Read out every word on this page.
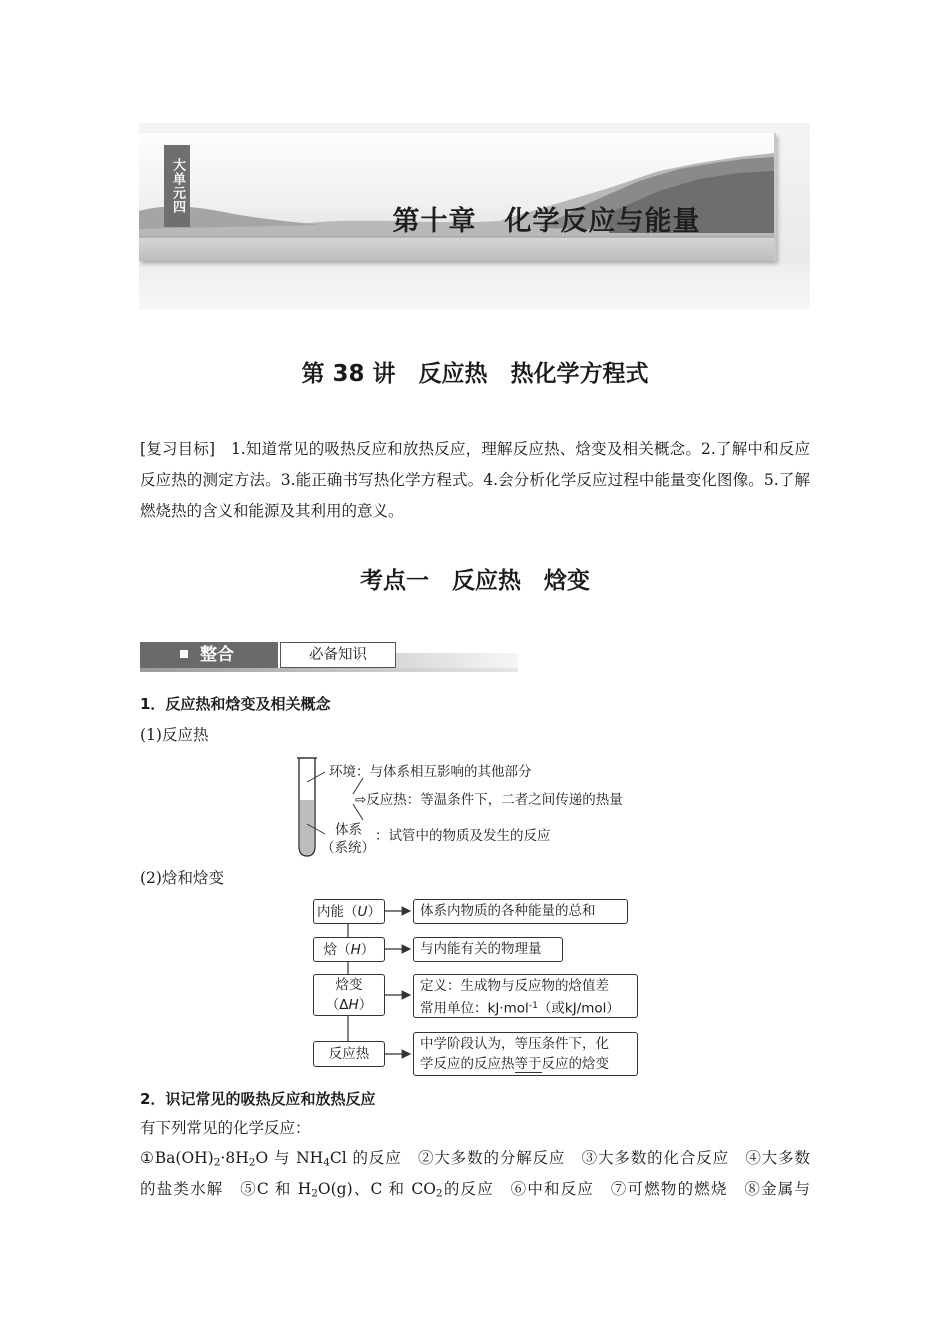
大单元四
第十章　化学反应与能量
第 38 讲　反应热　热化学方程式
[复习目标]　1.知道常见的吸热反应和放热反应，理解反应热、焓变及相关概念。2.了解中和反应反应热的测定方法。3.能正确书写热化学方程式。4.会分析化学反应过程中能量变化图像。5.了解燃烧热的含义和能源及其利用的意义。
考点一　反应热　焓变
整合	必备知识
1．反应热和焓变及相关概念
(1)反应热
环境：与体系相互影响的其他部分
⇨反应热：等温条件下，二者之间传递的热量
体系
（系统）
：试管中的物质及发生的反应
(2)焓和焓变
内能（U）	体系内物质的各种能量的总和
焓（H）	与内能有关的物理量
焓变
（ΔH）
定义：生成物与反应物的焓值差
常用单位：kJ·mol$^{-1}$（或kJ/mol）
反应热
中学阶段认为，等压条件下，化
学反应的反应热等于反应的焓变
2．识记常见的吸热反应和放热反应
有下列常见的化学反应：
$①Ba(OH)_2\cdot 8H_2O$ 与 $NH_4Cl$ 的反应　②大多数的分解反应　③大多数的化合反应　④大多数
的盐类水解　⑤C 和 $H_2O(g)$、C 和 $CO_2$的反应　⑥中和反应　⑦可燃物的燃烧　⑧金属与
